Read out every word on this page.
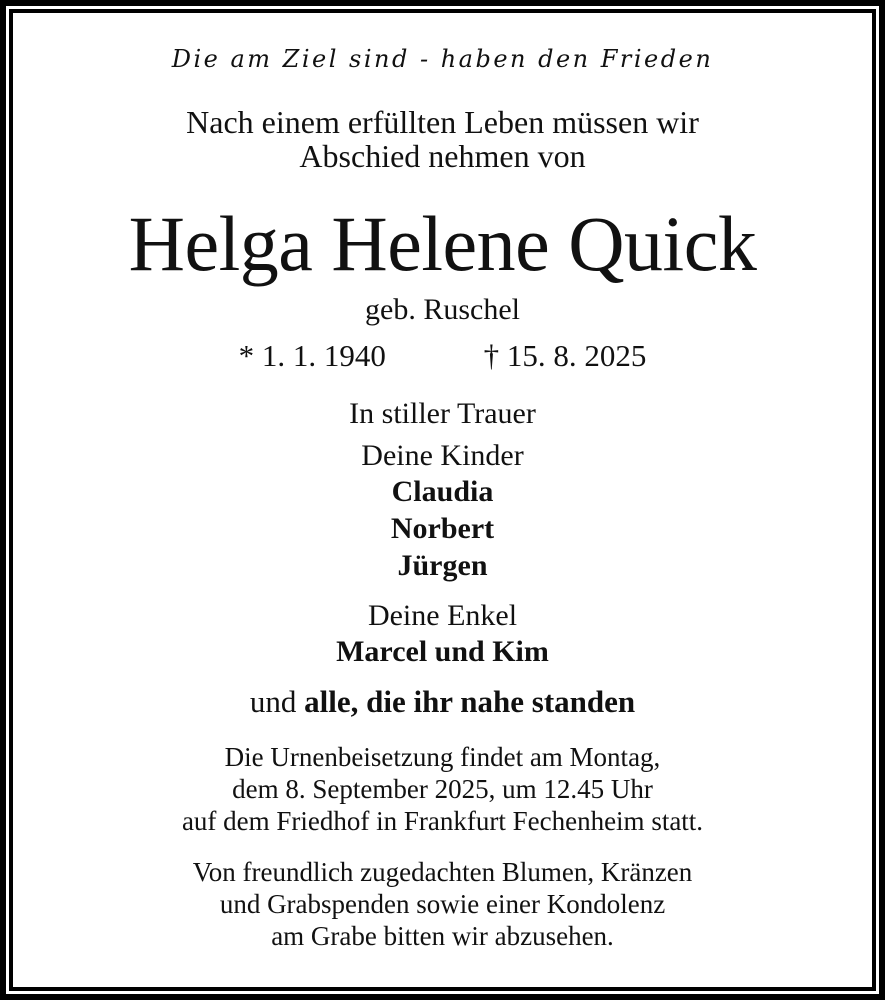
Die am Ziel sind - haben den Frieden
Nach einem erfüllten Leben müssen wir
Abschied nehmen von
Helga Helene Quick
geb. Ruschel
* 1. 1. 1940	† 15. 8. 2025
In stiller Trauer
Deine Kinder
Claudia
Norbert
Jürgen
Deine Enkel
Marcel und Kim
und alle, die ihr nahe standen
Die Urnenbeisetzung findet am Montag,
dem 8. September 2025, um 12.45 Uhr
auf dem Friedhof in Frankfurt Fechenheim statt.
Von freundlich zugedachten Blumen, Kränzen
und Grabspenden sowie einer Kondolenz
am Grabe bitten wir abzusehen.
